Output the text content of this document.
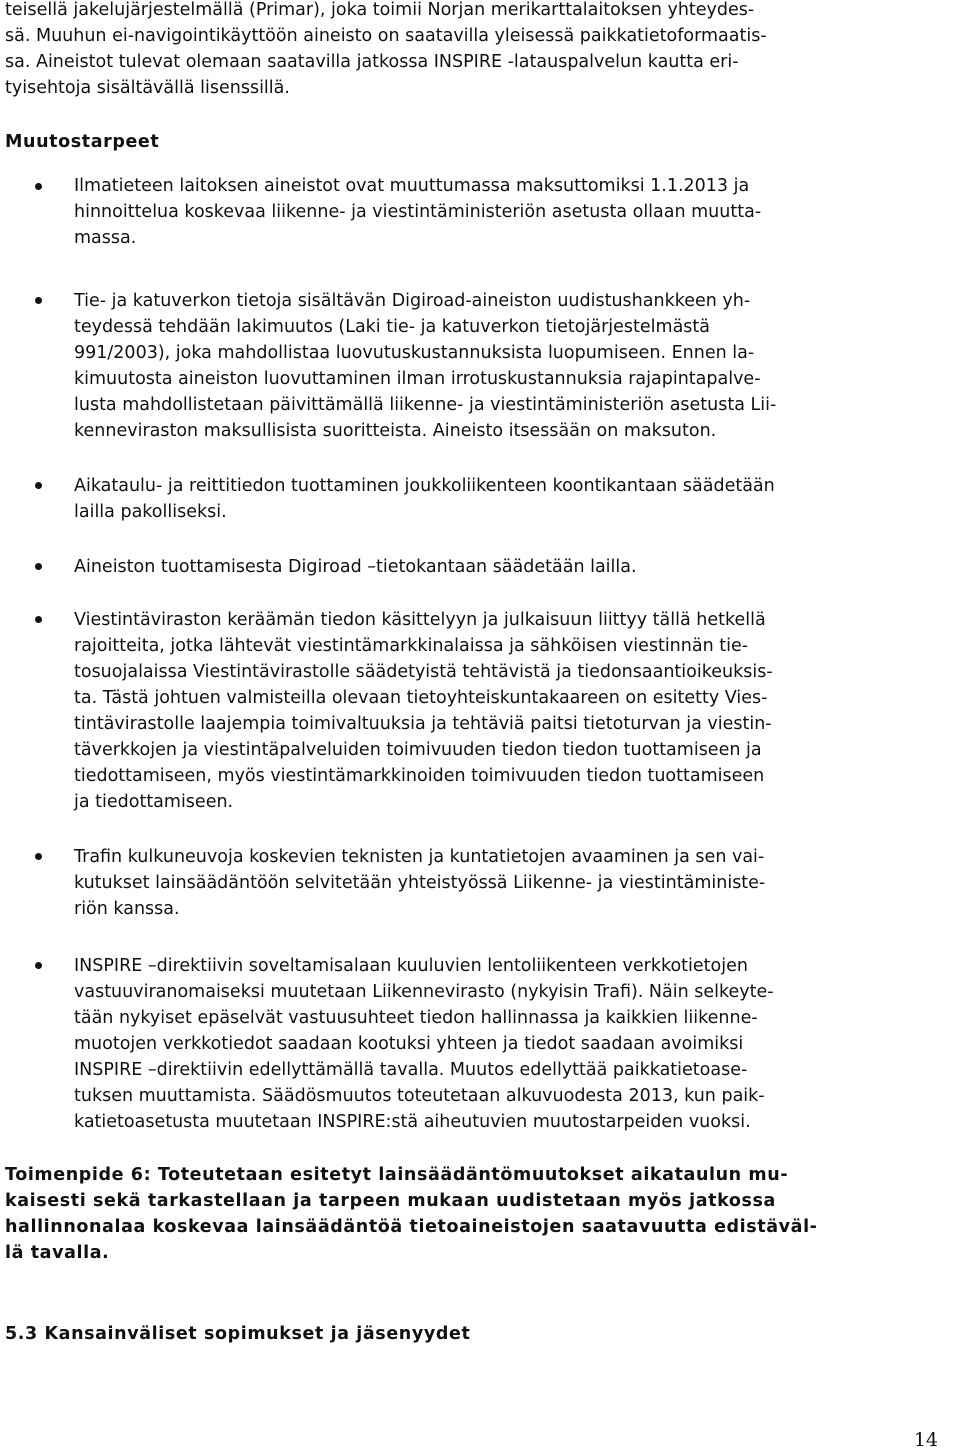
teisellä jakelujärjestelmällä (Primar), joka toimii Norjan merikarttalaitoksen yhteydes-
sä. Muuhun ei-navigointikäyttöön aineisto on saatavilla yleisessä paikkatietoformaatis-
sa. Aineistot tulevat olemaan saatavilla jatkossa INSPIRE -latauspalvelun kautta eri-
tyisehtoja sisältävällä lisenssillä.
Muutostarpeet
Ilmatieteen laitoksen aineistot ovat muuttumassa maksuttomiksi 1.1.2013 ja
hinnoittelua koskevaa liikenne- ja viestintäministeriön asetusta ollaan muutta-
massa.
Tie- ja katuverkon tietoja sisältävän Digiroad-aineiston uudistushankkeen yh-
teydessä tehdään lakimuutos (Laki tie- ja katuverkon tietojärjestelmästä
991/2003), joka mahdollistaa luovutuskustannuksista luopumiseen. Ennen la-
kimuutosta aineiston luovuttaminen ilman irrotuskustannuksia rajapintapalve-
lusta mahdollistetaan päivittämällä liikenne- ja viestintäministeriön asetusta Lii-
kenneviraston maksullisista suoritteista. Aineisto itsessään on maksuton.
Aikataulu- ja reittitiedon tuottaminen joukkoliikenteen koontikantaan säädetään
lailla pakolliseksi.
Aineiston tuottamisesta Digiroad –tietokantaan säädetään lailla.
Viestintäviraston keräämän tiedon käsittelyyn ja julkaisuun liittyy tällä hetkellä
rajoitteita, jotka lähtevät viestintämarkkinalaissa ja sähköisen viestinnän tie-
tosuojalaissa Viestintävirastolle säädetyistä tehtävistä ja tiedonsaantioikeuksis-
ta. Tästä johtuen valmisteilla olevaan tietoyhteiskuntakaareen on esitetty Vies-
tintävirastolle laajempia toimivaltuuksia ja tehtäviä paitsi tietoturvan ja viestin-
täverkkojen ja viestintäpalveluiden toimivuuden tiedon tiedon tuottamiseen ja
tiedottamiseen, myös viestintämarkkinoiden toimivuuden tiedon tuottamiseen
ja tiedottamiseen.
Trafin kulkuneuvoja koskevien teknisten ja kuntatietojen avaaminen ja sen vai-
kutukset lainsäädäntöön selvitetään yhteistyössä Liikenne- ja viestintäministe-
riön kanssa.
INSPIRE –direktiivin soveltamisalaan kuuluvien lentoliikenteen verkkotietojen
vastuuviranomaiseksi muutetaan Liikennevirasto (nykyisin Trafi). Näin selkeyte-
tään nykyiset epäselvät vastuusuhteet tiedon hallinnassa ja kaikkien liikenne-
muotojen verkkotiedot saadaan kootuksi yhteen ja tiedot saadaan avoimiksi
INSPIRE –direktiivin edellyttämällä tavalla. Muutos edellyttää paikkatietoase-
tuksen muuttamista. Säädösmuutos toteutetaan alkuvuodesta 2013, kun paik-
katietoasetusta muutetaan INSPIRE:stä aiheutuvien muutostarpeiden vuoksi.
Toimenpide 6: Toteutetaan esitetyt lainsäädäntömuutokset aikataulun mu-
kaisesti sekä tarkastellaan ja tarpeen mukaan uudistetaan myös jatkossa
hallinnonalaa koskevaa lainsäädäntöä tietoaineistojen saatavuutta edistäväl-
lä tavalla.
5.3 Kansainväliset sopimukset ja jäsenyydet
14
